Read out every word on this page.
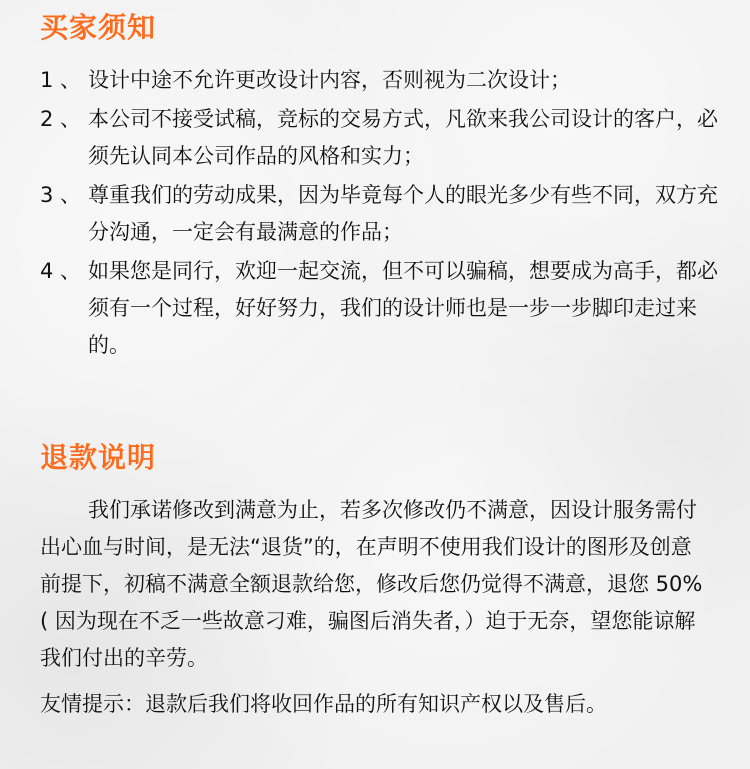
买家须知
1 、 设计中途不允许更改设计内容，否则视为二次设计；
2 、 本公司不接受试稿，竞标的交易方式，凡欲来我公司设计的客户，必须先认同本公司作品的风格和实力；
3 、 尊重我们的劳动成果，因为毕竟每个人的眼光多少有些不同，双方充分沟通，一定会有最满意的作品；
4 、 如果您是同行，欢迎一起交流，但不可以骗稿，想要成为高手，都必须有一个过程，好好努力，我们的设计师也是一步一步脚印走过来的。
退款说明

我们承诺修改到满意为止，若多次修改仍不满意，因设计服务需付出心血与时间，是无法“退货”的，在声明不使用我们设计的图形及创意前提下，初稿不满意全额退款给您，修改后您仍觉得不满意，退您 50%( 因为现在不乏一些故意刁难，骗图后消失者，）迫于无奈，望您能谅解我们付出的辛劳。

友情提示：退款后我们将收回作品的所有知识产权以及售后。
